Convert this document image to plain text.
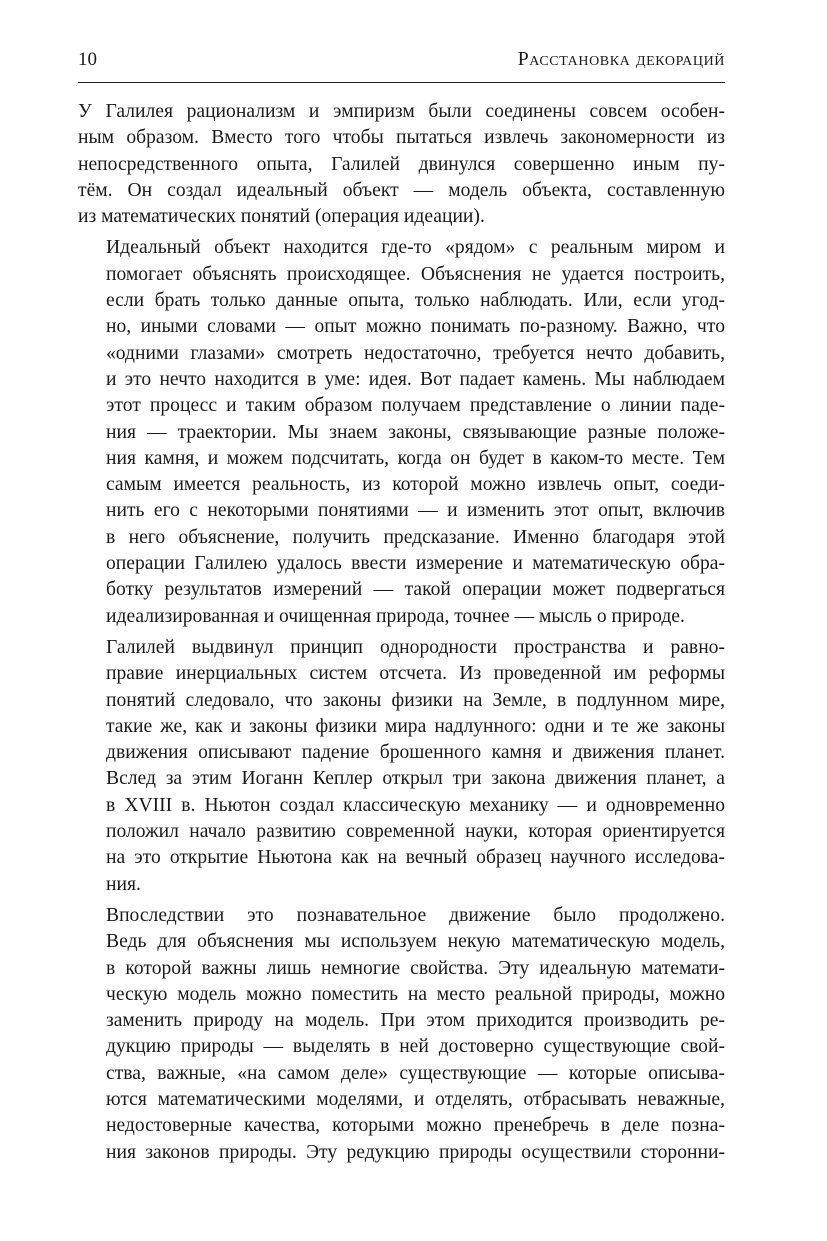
10	Расстановка декораций

У Галилея рационализм и эмпиризм были соединены совсем особен-
ным образом. Вместо того чтобы пытаться извлечь закономерности из
непосредственного опыта, Галилей двинулся совершенно иным пу-
тём. Он создал идеальный объект — модель объекта, составленную
из математических понятий (операция идеации).

Идеальный объект находится где-то «рядом» с реальным миром и
помогает объяснять происходящее. Объяснения не удается построить,
если брать только данные опыта, только наблюдать. Или, если угод-
но, иными словами — опыт можно понимать по-разному. Важно, что
«одними глазами» смотреть недостаточно, требуется нечто добавить,
и это нечто находится в уме: идея. Вот падает камень. Мы наблюдаем
этот процесс и таким образом получаем представление о линии паде-
ния — траектории. Мы знаем законы, связывающие разные положе-
ния камня, и можем подсчитать, когда он будет в каком-то месте. Тем
самым имеется реальность, из которой можно извлечь опыт, соеди-
нить его с некоторыми понятиями — и изменить этот опыт, включив
в него объяснение, получить предсказание. Именно благодаря этой
операции Галилею удалось ввести измерение и математическую обра-
ботку результатов измерений — такой операции может подвергаться
идеализированная и очищенная природа, точнее — мысль о природе.

Галилей выдвинул принцип однородности пространства и равно-
правие инерциальных систем отсчета. Из проведенной им реформы
понятий следовало, что законы физики на Земле, в подлунном мире,
такие же, как и законы физики мира надлунного: одни и те же законы
движения описывают падение брошенного камня и движения планет.
Вслед за этим Иоганн Кеплер открыл три закона движения планет, а
в XVIII в. Ньютон создал классическую механику — и одновременно
положил начало развитию современной науки, которая ориентируется
на это открытие Ньютона как на вечный образец научного исследова-
ния.

Впоследствии это познавательное движение было продолжено.
Ведь для объяснения мы используем некую математическую модель,
в которой важны лишь немногие свойства. Эту идеальную математи-
ческую модель можно поместить на место реальной природы, можно
заменить природу на модель. При этом приходится производить ре-
дукцию природы — выделять в ней достоверно существующие свой-
ства, важные, «на самом деле» существующие — которые описыва-
ются математическими моделями, и отделять, отбрасывать неважные,
недостоверные качества, которыми можно пренебречь в деле позна-
ния законов природы. Эту редукцию природы осуществили сторонни-
